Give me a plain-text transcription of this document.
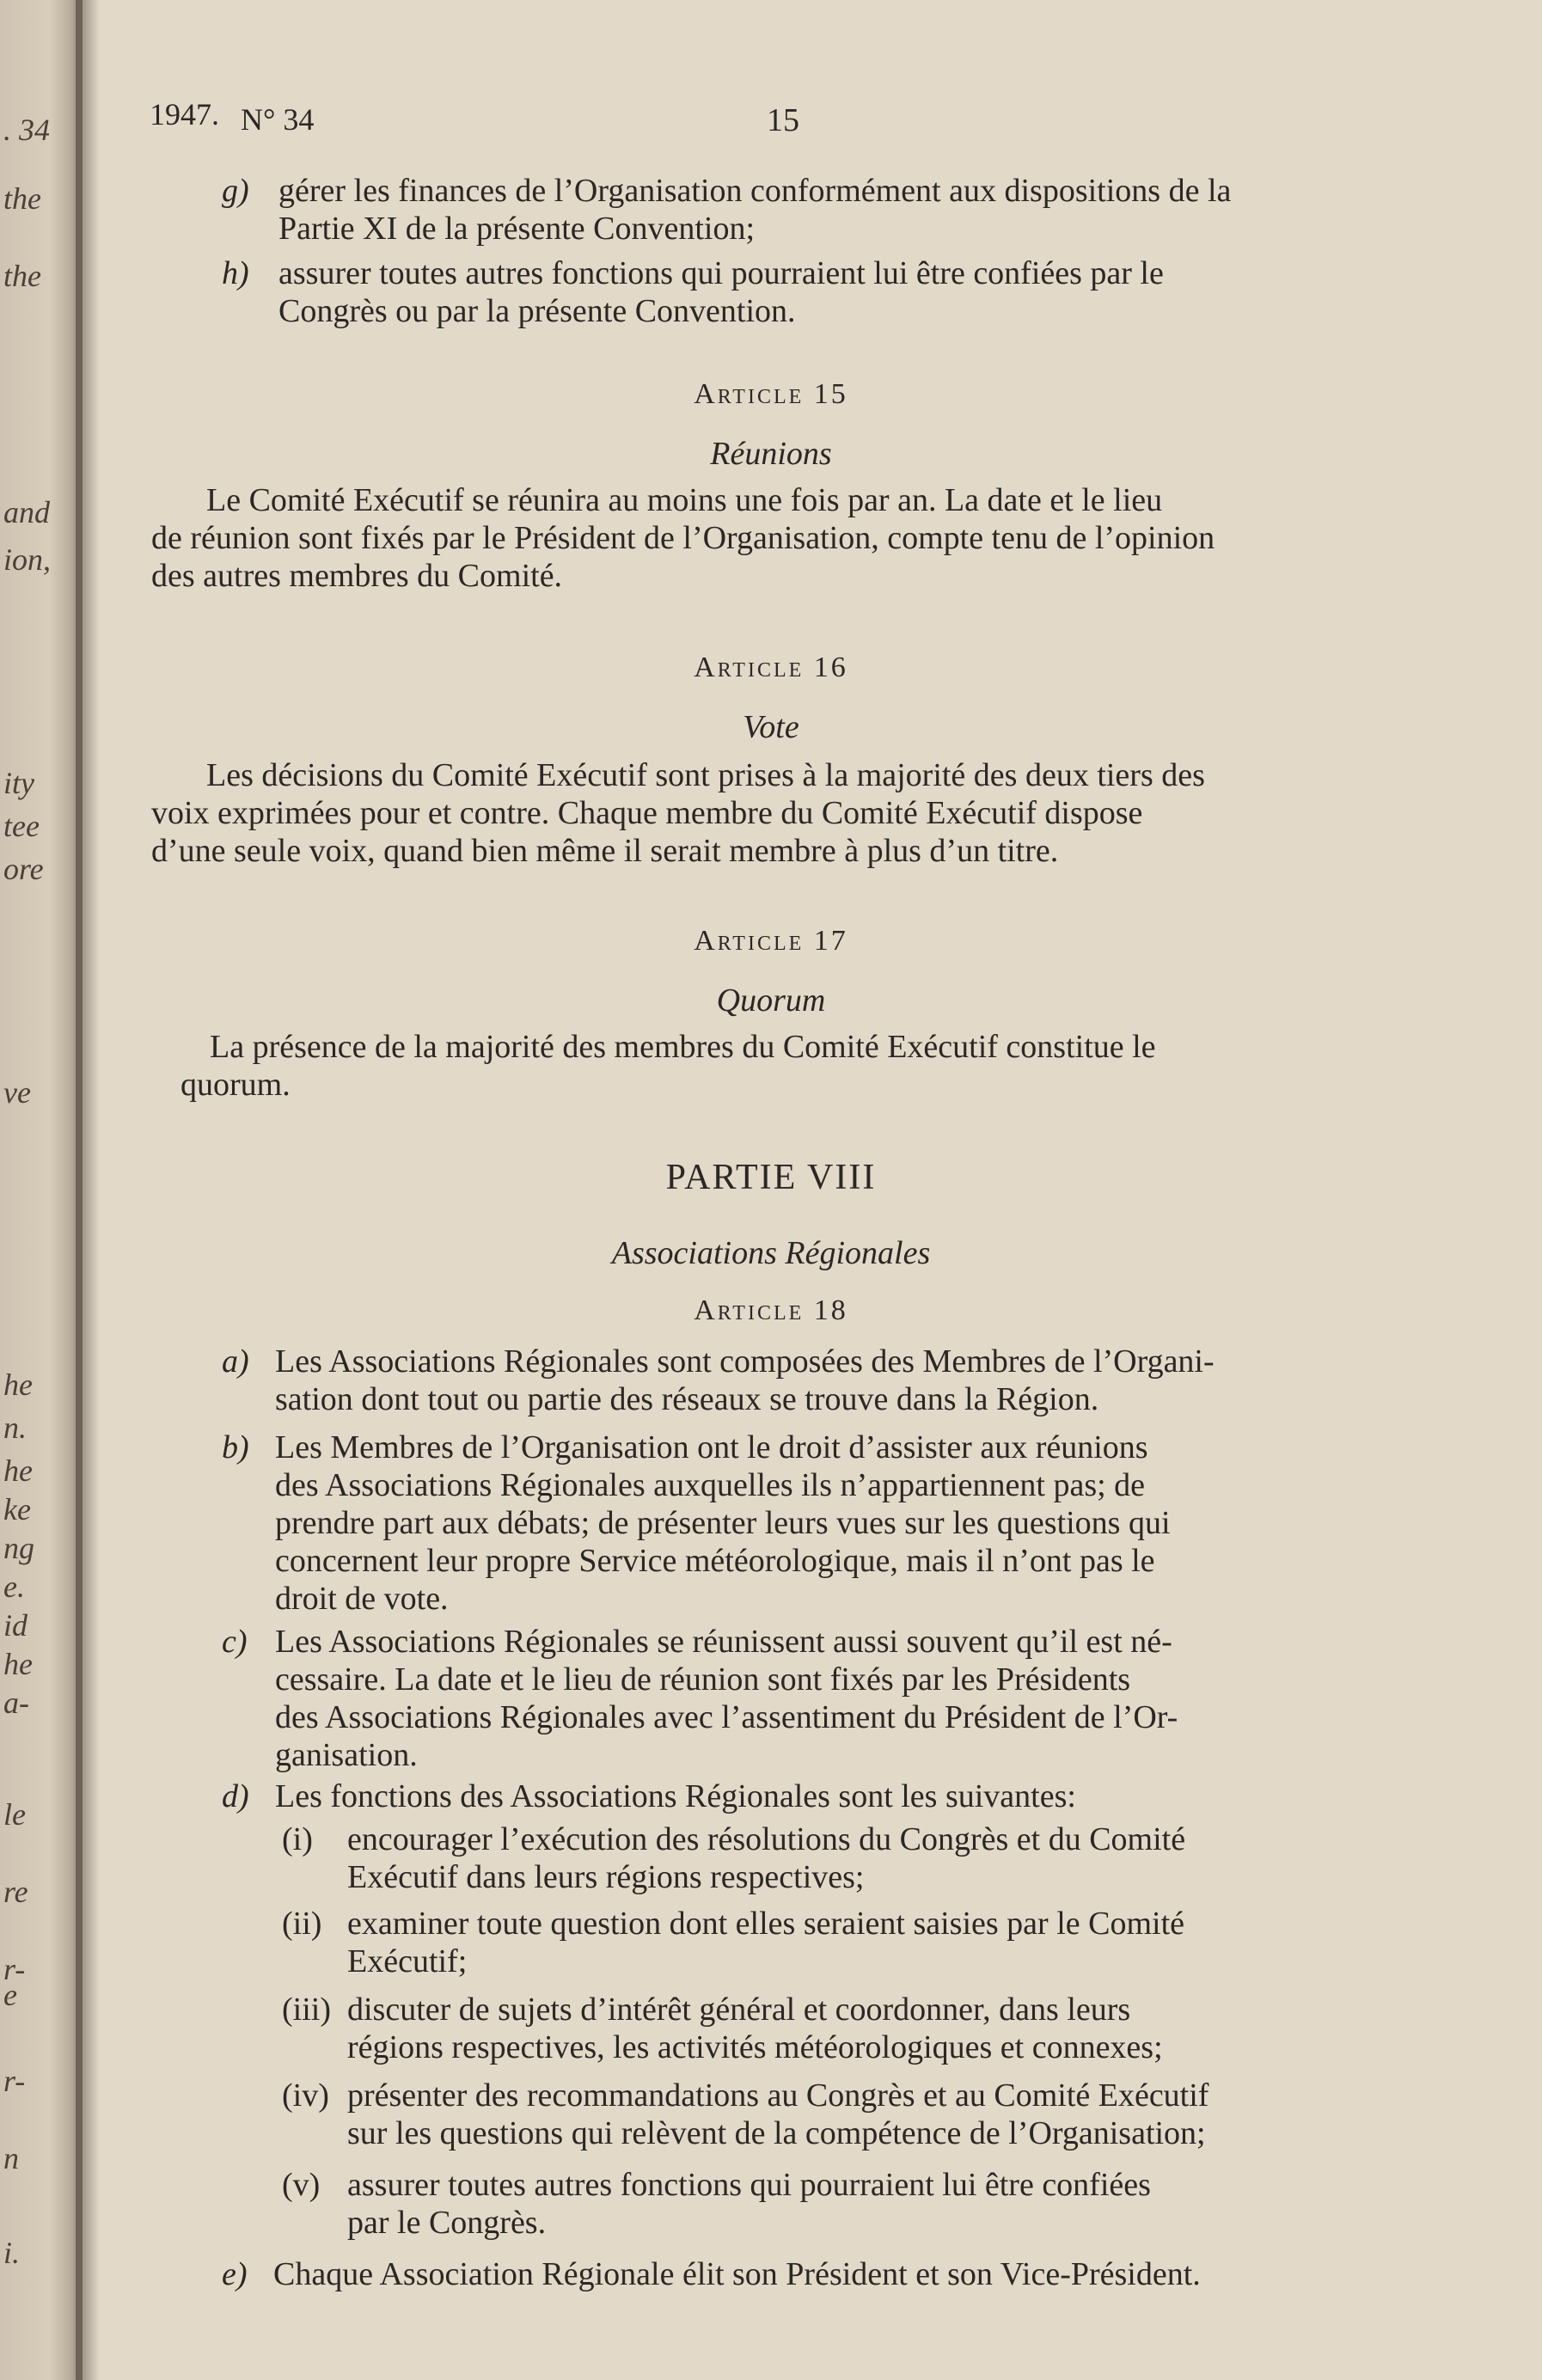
. 34
the
the
and
ion,
ity
tee
ore
ve
he
n.
he
ke
ng
e.
id
he
a-
le
re
r-
e
r-
n
i.
1947. N° 34	15
g) gérer les finances de l’Organisation conformément aux dispositions de la
Partie XI de la présente Convention;
h) assurer toutes autres fonctions qui pourraient lui être confiées par le
Congrès ou par la présente Convention.
Article 15
Réunions
Le Comité Exécutif se réunira au moins une fois par an. La date et le lieu
de réunion sont fixés par le Président de l’Organisation, compte tenu de l’opinion
des autres membres du Comité.
Article 16
Vote
Les décisions du Comité Exécutif sont prises à la majorité des deux tiers des
voix exprimées pour et contre. Chaque membre du Comité Exécutif dispose
d’une seule voix, quand bien même il serait membre à plus d’un titre.
Article 17
Quorum
La présence de la majorité des membres du Comité Exécutif constitue le
quorum.
PARTIE VIII
Associations Régionales
Article 18
a) Les Associations Régionales sont composées des Membres de l’Organi-
sation dont tout ou partie des réseaux se trouve dans la Région.
b) Les Membres de l’Organisation ont le droit d’assister aux réunions
des Associations Régionales auxquelles ils n’appartiennent pas; de
prendre part aux débats; de présenter leurs vues sur les questions qui
concernent leur propre Service météorologique, mais il n’ont pas le
droit de vote.
c) Les Associations Régionales se réunissent aussi souvent qu’il est né-
cessaire. La date et le lieu de réunion sont fixés par les Présidents
des Associations Régionales avec l’assentiment du Président de l’Or-
ganisation.
d) Les fonctions des Associations Régionales sont les suivantes:
(i) encourager l’exécution des résolutions du Congrès et du Comité
Exécutif dans leurs régions respectives;
(ii) examiner toute question dont elles seraient saisies par le Comité
Exécutif;
(iii) discuter de sujets d’intérêt général et coordonner, dans leurs
régions respectives, les activités météorologiques et connexes;
(iv) présenter des recommandations au Congrès et au Comité Exécutif
sur les questions qui relèvent de la compétence de l’Organisation;
(v) assurer toutes autres fonctions qui pourraient lui être confiées
par le Congrès.
e) Chaque Association Régionale élit son Président et son Vice-Président.
